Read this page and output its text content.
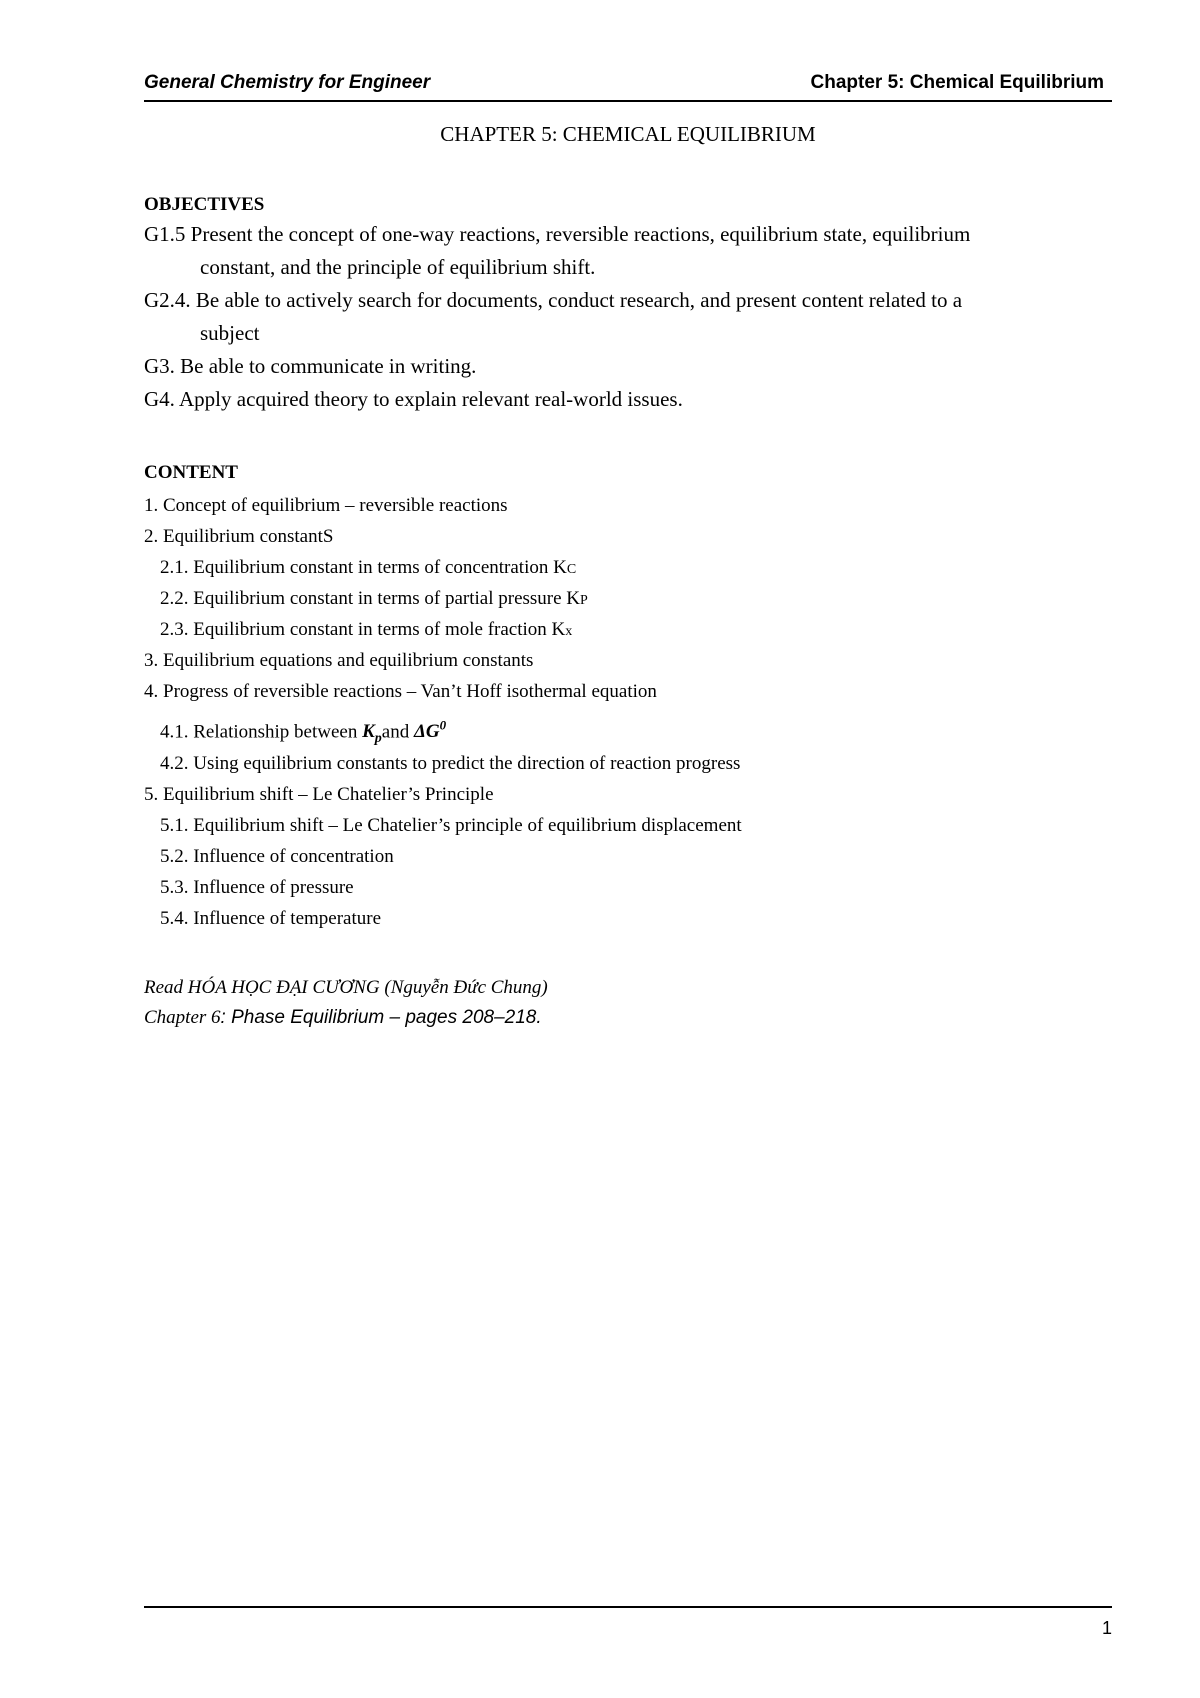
General Chemistry for Engineer	Chapter 5: Chemical Equilibrium
CHAPTER 5: CHEMICAL EQUILIBRIUM
OBJECTIVES
G1.5 Present the concept of one-way reactions, reversible reactions, equilibrium state, equilibrium
constant, and the principle of equilibrium shift.
G2.4. Be able to actively search for documents, conduct research, and present content related to a
subject
G3. Be able to communicate in writing.
G4. Apply acquired theory to explain relevant real-world issues.
CONTENT
1. Concept of equilibrium – reversible reactions
2. Equilibrium constantS
2.1. Equilibrium constant in terms of concentration KC
2.2. Equilibrium constant in terms of partial pressure KP
2.3. Equilibrium constant in terms of mole fraction Kx
3. Equilibrium equations and equilibrium constants
4. Progress of reversible reactions – Van’t Hoff isothermal equation
4.1. Relationship between $K_pand$ $\Delta G^0$
4.2. Using equilibrium constants to predict the direction of reaction progress
5. Equilibrium shift – Le Chatelier’s Principle
5.1. Equilibrium shift – Le Chatelier’s principle of equilibrium displacement
5.2. Influence of concentration
5.3. Influence of pressure
5.4. Influence of temperature
Read HÓA HỌC ĐẠI CƯƠNG (Nguyễn Đức Chung)
Chapter 6: Phase Equilibrium – pages 208–218.
1
